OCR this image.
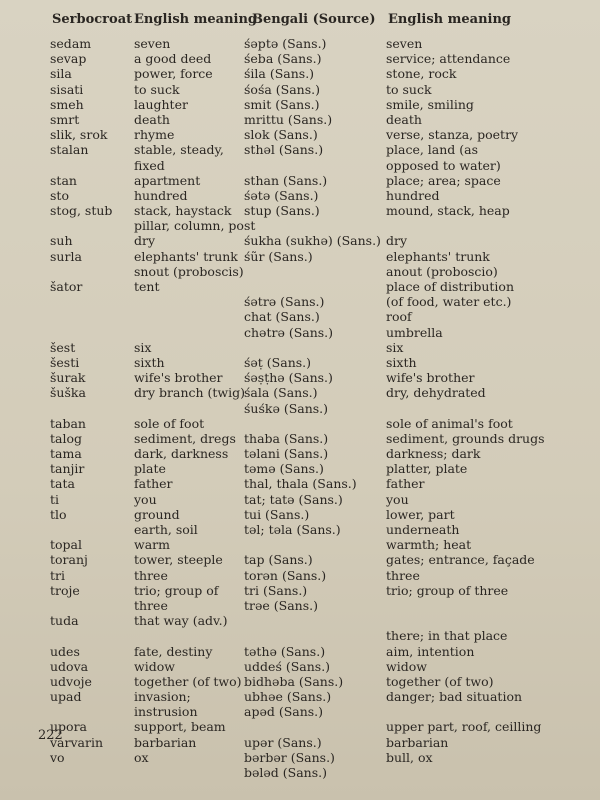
Serbocroat English meaning
Bengali (Source) English meaning
sedam
sevap
sila
sisati
smeh
smrt
slik, srok
stalan
stan
sto
stog, stub
suh
surla
šator
šest
šesti
šurak
šuška
taban
talog
tama
tanjir
tata
ti
tlo
topal
toranj
tri
troje
tuda
udes
udova
udvoje
upad
upora
varvarin
vo
seven
a good deed
power, force
to suck
laughter
death
rhyme
stable, steady,
fixed
apartment
hundred
stack, haystack
pillar, column, post
dry
elephants' trunk
snout (proboscis)
tent
six
sixth
wife's brother
dry branch (twig)
sole of foot
sediment, dregs
dark, darkness
plate
father
you
ground
earth, soil
warm
tower, steeple
three
trio; group of
three
that way (adv.)
fate, destiny
widow
together (of two)
invasion;
instrusion
support, beam
barbarian
ox
śəptə (Sans.)
śeba (Sans.)
śila (Sans.)
śośa (Sans.)
smit (Sans.)
mrittu (Sans.)
slok (Sans.)
sthəl (Sans.)
sthan (Sans.)
śətə (Sans.)
stup (Sans.)
śukha (sukhə) (Sans.)
śũr (Sans.)
śətrə (Sans.)
chat (Sans.)
chətrə (Sans.)
śəṭ (Sans.)
śəṣṭhə (Sans.)
śala (Sans.)
śuśkə (Sans.)
thaba (Sans.)
təlani (Sans.)
təmə (Sans.)
thal, thala (Sans.)
tat; tatə (Sans.)
tui (Sans.)
təl; təla (Sans.)
tap (Sans.)
torən (Sans.)
tri (Sans.)
trəe (Sans.)
təthə (Sans.)
uddeś (Sans.)
bidhəba (Sans.)
ubhəe (Sans.)
apəd (Sans.)
upər (Sans.)
bərbər (Sans.)
bələd (Sans.)
seven
service; attendance
stone, rock
to suck
smile, smiling
death
verse, stanza, poetry
place, land (as
opposed to water)
place; area; space
hundred
mound, stack, heap
dry
elephants' trunk
anout (proboscio)
place of distribution
(of food, water etc.)
roof
umbrella
six
sixth
wife's brother
dry, dehydrated
sole of animal's foot
sediment, grounds drugs
darkness; dark
platter, plate
father
you
lower, part
underneath
warmth; heat
gates; entrance, façade
three
trio; group of three
there; in that place
aim, intention
widow
together (of two)
danger; bad situation
upper part, roof, ceilling
barbarian
bull, ox
222
